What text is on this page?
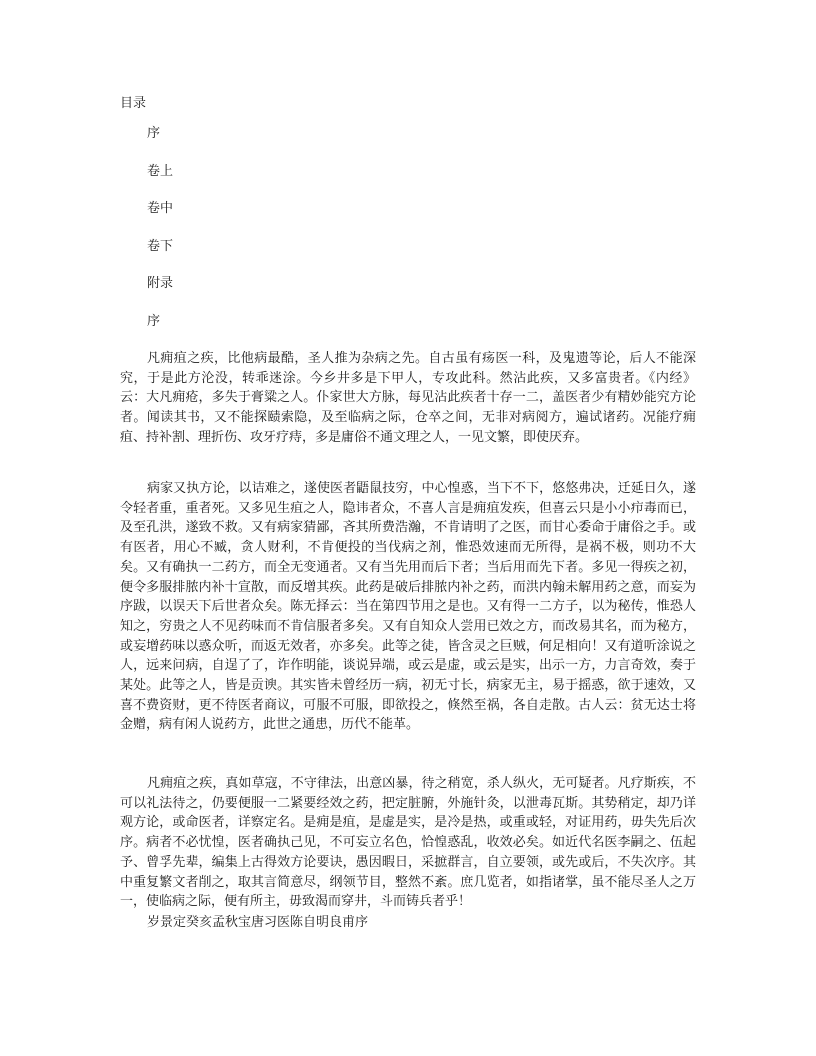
目录
序
卷上
卷中
卷下
附录
序

凡痈疽之疾，比他病最酷，圣人推为杂病之先。自古虽有疡医一科，及鬼遗等论，后人不能深究，于是此方沦没，转乖迷涂。今乡井多是下甲人，专攻此科。然沾此疾，又多富贵者。《内经》云：大凡痈疮，多失于膏粱之人。仆家世大方脉，每见沾此疾者十存一二，盖医者少有精妙能究方论者。闻读其书，又不能探赜索隐，及至临病之际，仓卒之间，无非对病阅方，遍试诸药。况能疗痈疽、持补割、理折伤、攻牙疗痔，多是庸俗不通文理之人，一见文繁，即使厌弃。

病家又执方论，以诘难之，遂使医者鼯鼠技穷，中心惶惑，当下不下，悠悠弗决，迁延日久，遂令轻者重，重者死。又多见生疽之人，隐讳者众，不喜人言是痈疽发疾，但喜云只是小小疖毒而已，及至孔洪，遂致不救。又有病家猜鄙，吝其所费浩瀚，不肯请明了之医，而甘心委命于庸俗之手。或有医者，用心不臧，贪人财利，不肯便投的当伐病之剂，惟恐效速而无所得，是祸不极，则功不大矣。又有确执一二药方，而全无变通者。又有当先用而后下者；当后用而先下者。多见一得疾之初，便令多服排脓内补十宣散，而反增其疾。此药是破后排脓内补之药，而洪内翰未解用药之意，而妄为序跋，以误天下后世者众矣。陈无择云：当在第四节用之是也。又有得一二方子，以为秘传，惟恐人知之，穷贵之人不见药味而不肯信服者多矣。又有自知众人尝用已效之方，而改易其名，而为秘方，或妄增药味以惑众听，而返无效者，亦多矣。此等之徒，皆含灵之巨贼，何足相向！又有道听涂说之人，远来问病，自逞了了，诈作明能，谈说异端，或云是虚，或云是实，出示一方，力言奇效，奏于某处。此等之人，皆是贡谀。其实皆未曾经历一病，初无寸长，病家无主，易于摇惑，欲于速效，又喜不费资财，更不待医者商议，可服不可服，即欲投之，倏然至祸，各自走散。古人云：贫无达士将金赠，病有闲人说药方，此世之通患，历代不能革。

凡痈疽之疾，真如草寇，不守律法，出意凶暴，待之稍宽，杀人纵火，无可疑者。凡疗斯疾，不可以礼法待之，仍要便服一二紧要经效之药，把定脏腑，外施针灸，以泄毒瓦斯。其势稍定，却乃详观方论，或命医者，详察定名。是痈是疽，是虚是实，是冷是热，或重或轻，对证用药，毋失先后次序。病者不必忧惶，医者确执己见，不可妄立名色，恰惶惑乱，收效必矣。如近代名医李嗣之、伍起予、曾孚先辈，编集上古得效方论要诀，愚因暇日，采摭群言，自立要领，或先或后，不失次序。其中重复繁文者削之，取其言简意尽，纲领节目，整然不紊。庶几览者，如指诸掌，虽不能尽圣人之万一，使临病之际，便有所主，毋致渴而穿井，斗而铸兵者乎！

岁景定癸亥孟秋宝唐习医陈自明良甫序
